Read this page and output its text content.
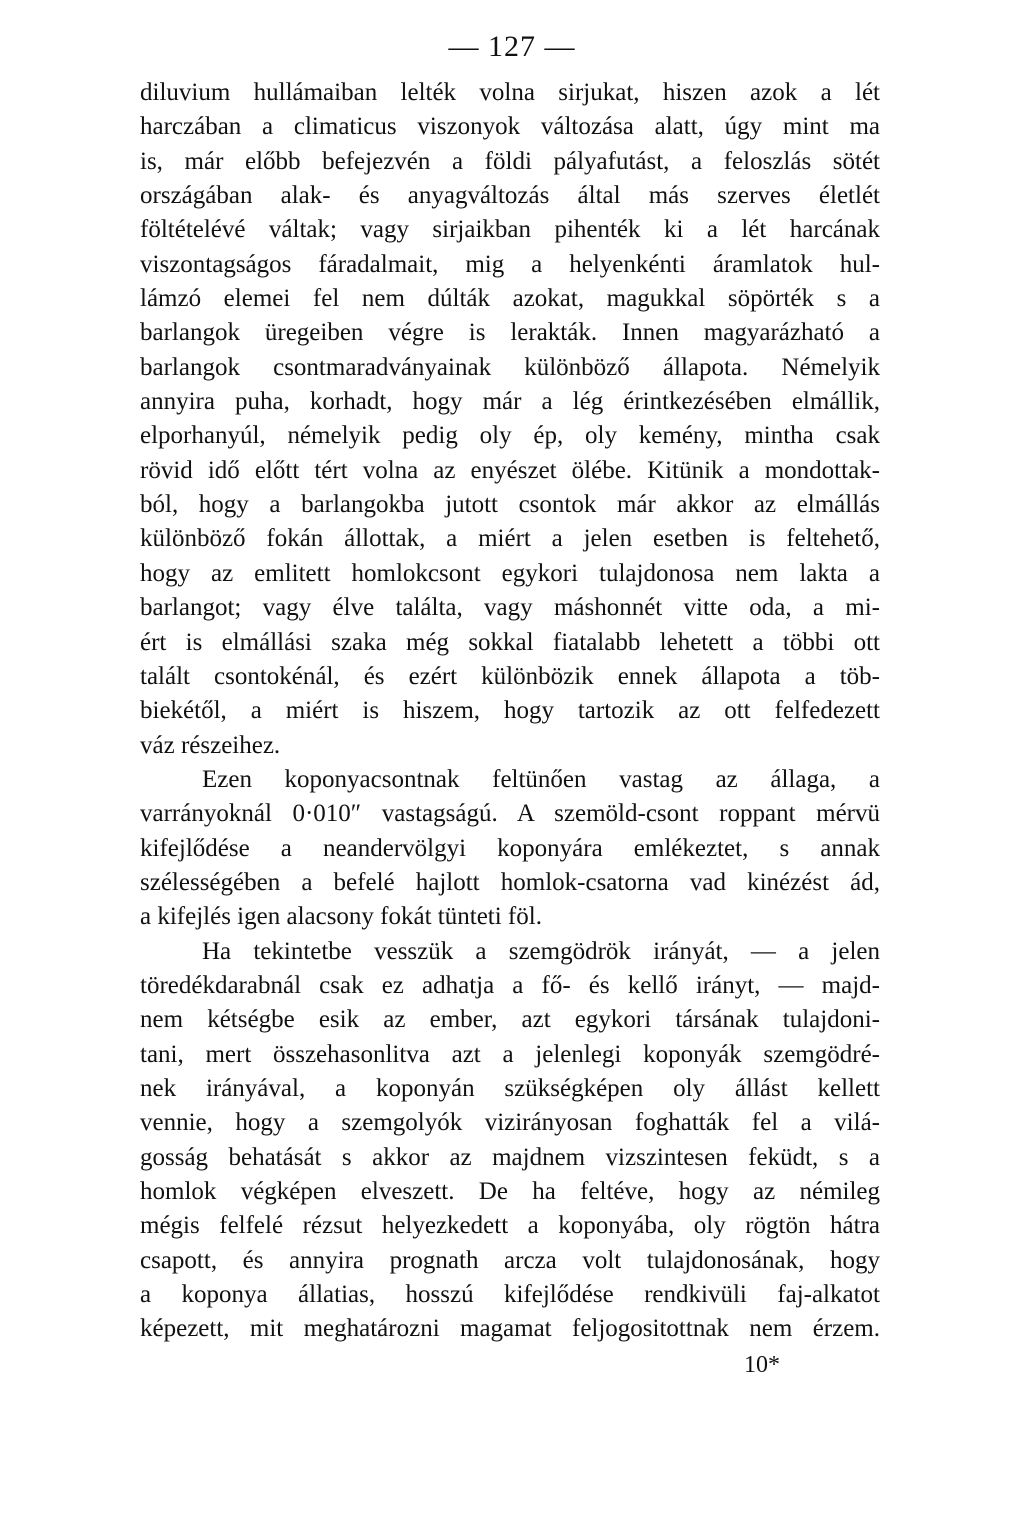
— 127 —
diluvium hullámaiban lelték volna sirjukat, hiszen azok a lét
harczában a climaticus viszonyok változása alatt, úgy mint ma
is, már előbb befejezvén a földi pályafutást, a feloszlás sötét
országában alak- és anyagváltozás által más szerves életlét
föltételévé váltak; vagy sirjaikban pihenték ki a lét harcának
viszontagságos fáradalmait, mig a helyenkénti áramlatok hul-
lámzó elemei fel nem dúlták azokat, magukkal söpörték s a
barlangok üregeiben végre is lerakták. Innen magyarázható a
barlangok csontmaradványainak különböző állapota. Némelyik
annyira puha, korhadt, hogy már a lég érintkezésében elmállik,
elporhanyúl, némelyik pedig oly ép, oly kemény, mintha csak
rövid idő előtt tért volna az enyészet ölébe. Kitünik a mondottak-
ból, hogy a barlangokba jutott csontok már akkor az elmállás
különböző fokán állottak, a miért a jelen esetben is feltehető,
hogy az emlitett homlokcsont egykori tulajdonosa nem lakta a
barlangot; vagy élve találta, vagy máshonnét vitte oda, a mi-
ért is elmállási szaka még sokkal fiatalabb lehetett a többi ott
talált csontokénál, és ezért különbözik ennek állapota a töb-
biekétől, a miért is hiszem, hogy tartozik az ott felfedezett
váz részeihez.
Ezen koponyacsontnak feltünően vastag az állaga, a
varrányoknál 0·010″ vastagságú. A szemöld-csont roppant mérvü
kifejlődése a neandervölgyi koponyára emlékeztet, s annak
szélességében a befelé hajlott homlok-csatorna vad kinézést ád,
a kifejlés igen alacsony fokát tünteti föl.
Ha tekintetbe vesszük a szemgödrök irányát, — a jelen
töredékdarabnál csak ez adhatja a fő- és kellő irányt, — majd-
nem kétségbe esik az ember, azt egykori társának tulajdoni-
tani, mert összehasonlitva azt a jelenlegi koponyák szemgödré-
nek irányával, a koponyán szükségképen oly állást kellett
vennie, hogy a szemgolyók vizirányosan foghatták fel a vilá-
gosság behatását s akkor az majdnem vizszintesen feküdt, s a
homlok végképen elveszett. De ha feltéve, hogy az némileg
mégis felfelé rézsut helyezkedett a koponyába, oly rögtön hátra
csapott, és annyira prognath arcza volt tulajdonosának, hogy
a koponya állatias, hosszú kifejlődése rendkivüli faj-alkatot
képezett, mit meghatározni magamat feljogositottnak nem érzem.
10*
